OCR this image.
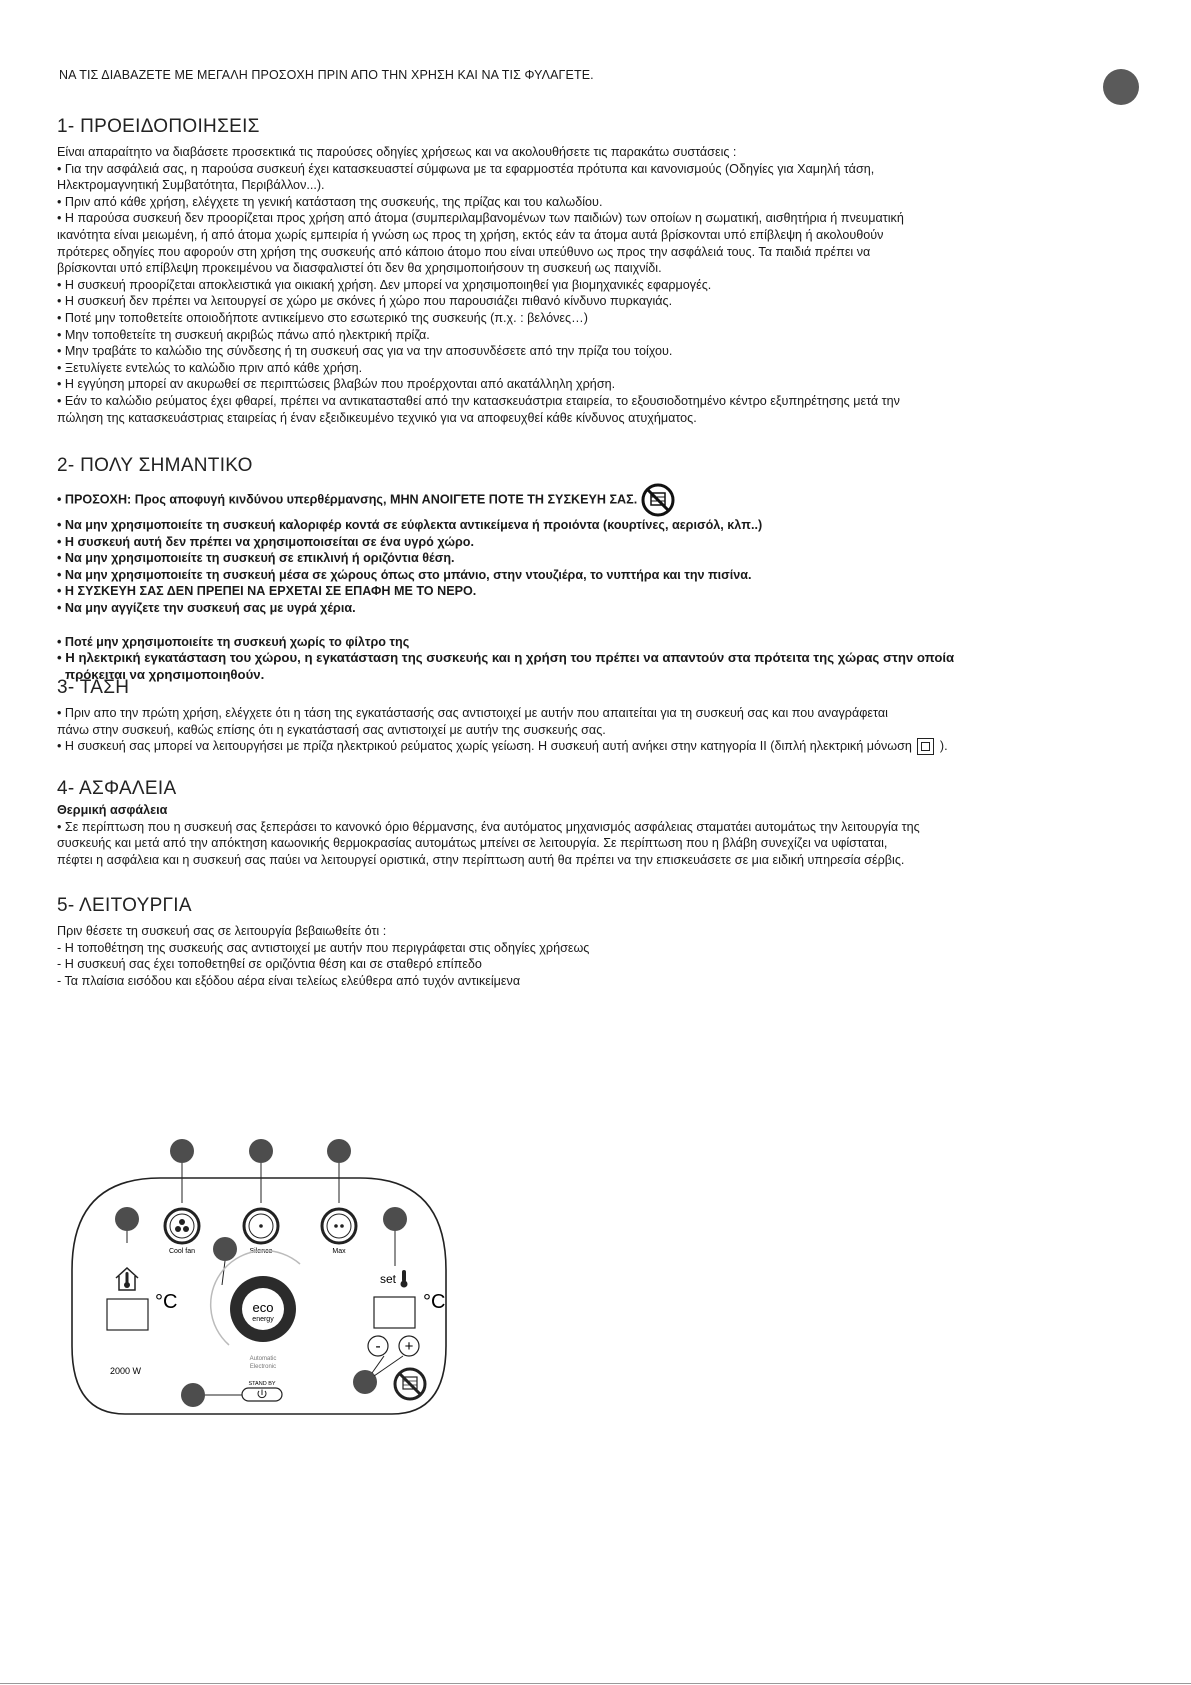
ΝΑ ΤΙΣ ΔΙΑΒΑΖΕΤΕ ΜΕ ΜΕΓΑΛΗ ΠΡΟΣΟΧΗ ΠΡΙΝ ΑΠΟ ΤΗΝ ΧΡΗΣΗ ΚΑΙ ΝΑ ΤΙΣ ΦΥΛΑΓΕΤΕ.
1- ΠΡΟΕΙΔΟΠΟΙΗΣΕΙΣ

Είναι απαραίτητο να διαβάσετε προσεκτικά τις παρούσες οδηγίες χρήσεως και να ακολουθήσετε τις παρακάτω συστάσεις :

• Για την ασφάλειά σας, η παρούσα συσκευή έχει κατασκευαστεί σύμφωνα με τα εφαρμοστέα πρότυπα και κανονισμούς (Οδηγίες για Χαμηλή τάση,

Ηλεκτρομαγνητική Συμβατότητα, Περιβάλλον...).

• Πριν από κάθε χρήση, ελέγχετε τη γενική κατάσταση της συσκευής, της πρίζας και του καλωδίου.

• Η παρούσα συσκευή δεν προορίζεται προς χρήση από άτομα (συμπεριλαμβανομένων των παιδιών) των οποίων η σωματική, αισθητήρια ή πνευματική

ικανότητα είναι μειωμένη, ή από άτομα χωρίς εμπειρία ή γνώση ως προς τη χρήση, εκτός εάν τα άτομα αυτά βρίσκονται υπό επίβλεψη ή ακολουθούν

πρότερες οδηγίες που αφορούν στη χρήση της συσκευής από κάποιο άτομο που είναι υπεύθυνο ως προς την ασφάλειά τους. Τα παιδιά πρέπει να

βρίσκονται υπό επίβλεψη προκειμένου να διασφαλιστεί ότι δεν θα χρησιμοποιήσουν τη συσκευή ως παιχνίδι.

• Η συσκευή προορίζεται αποκλειστικά για οικιακή χρήση. Δεν μπορεί να χρησιμοποιηθεί για βιομηχανικές εφαρμογές.

• Η συσκευή δεν πρέπει να λειτουργεί σε χώρο με σκόνες ή χώρο που παρουσιάζει πιθανό κίνδυνο πυρκαγιάς.

• Ποτέ μην τοποθετείτε οποιοδήποτε αντικείμενο στο εσωτερικό της συσκευής (π.χ. : βελόνες…)

• Μην τοποθετείτε τη συσκευή ακριβώς πάνω από ηλεκτρική πρίζα.

• Μην τραβάτε το καλώδιο της σύνδεσης ή τη συσκευή σας για να την αποσυνδέσετε από την πρίζα του τοίχου.

• Ξετυλίγετε εντελώς το καλώδιο πριν από κάθε χρήση.

• Η εγγύηση μπορεί αν ακυρωθεί σε περιπτώσεις βλαβών που προέρχονται από ακατάλληλη χρήση.

• Εάν το καλώδιο ρεύματος έχει φθαρεί, πρέπει να αντικατασταθεί από την κατασκευάστρια εταιρεία, το εξουσιοδοτημένο κέντρο εξυπηρέτησης μετά την

πώληση της κατασκευάστριας εταιρείας ή έναν εξειδικευμένο τεχνικό για να αποφευχθεί κάθε κίνδυνος ατυχήματος.

2- ΠΟΛΥ ΣΗΜΑΝΤΙΚΟ

• ΠΡΟΣΟΧΗ: Προς αποφυγή κινδύνου υπερθέρμανσης, ΜΗΝ ΑΝΟΙΓΕΤΕ ΠΟΤΕ ΤΗ ΣΥΣΚΕΥΗ ΣΑΣ.

• Να μην χρησιμοποιείτε τη συσκευή καλοριφέρ κοντά σε εύφλεκτα αντικείμενα ή προιόντα (κουρτίνες, αερισόλ, κλπ..)

• Η συσκευή αυτή δεν πρέπει να χρησιμοποισείται σε ένα υγρό χώρο.

• Να μην χρησιμοποιείτε τη συσκευή σε επικλινή ή οριζόντια θέση.

• Να μην χρησιμοποιείτε τη συσκευή μέσα σε χώρους όπως στο μπάνιο, στην ντουζιέρα, το νυπτήρα και την πισίνα.

• Η ΣΥΣΚΕΥΗ ΣΑΣ ΔΕΝ ΠΡΕΠΕΙ ΝΑ ΕΡΧΕΤΑΙ ΣΕ ΕΠΑΦΗ ΜΕ ΤΟ ΝΕΡΟ.

• Να μην αγγίζετε την συσκευή σας με υγρά χέρια.

• Ποτέ μην χρησιμοποιείτε τη συσκευή χωρίς το φίλτρο της

• Η ηλεκτρική εγκατάσταση του χώρου, η εγκατάσταση της συσκευής και η χρήση του πρέπει να απαντούν στα πρότειτα της χώρας στην οποία

πρόκειται να χρησιμοποιηθούν.

3- ΤΑΣΗ

• Πριν απο την πρώτη χρήση, ελέγχετε ότι η τάση της εγκατάστασής σας αντιστοιχεί με αυτήν που απαιτείται για τη συσκευή σας και που αναγράφεται

πάνω στην συσκευή, καθώς επίσης ότι η εγκατάστασή σας αντιστοιχεί με αυτήν της συσκευής σας.

• Η συσκευή σας μπορεί να λειτουργήσει με πρίζα ηλεκτρικού ρεύματος χωρίς γείωση. Η συσκευή αυτή ανήκει στην κατηγορία ΙΙ (διπλή ηλεκτρική μόνωση ).

4- ΑΣΦΑΛΕΙΑ

Θερμική ασφάλεια

• Σε περίπτωση που η συσκευή σας ξεπεράσει το κανονκό όριο θέρμανσης, ένα αυτόματος μηχανισμός ασφάλειας σταματάει αυτομάτως την λειτουργία της

συσκευής και μετά από την απόκτηση καωονικής θερμοκρασίας αυτομάτως μπείνει σε λειτουργία. Σε περίπτωση που η βλάβη συνεχίζει να υφίσταται,

πέφτει η ασφάλεια και η συσκευή σας παύει να λειτουργεί οριστικά, στην περίπτωση αυτή θα πρέπει να την επισκευάσετε σε μια ειδική υπηρεσία σέρβις.

5- ΛΕΙΤΟΥΡΓΙΑ

Πριν θέσετε τη συσκευή σας σε λειτουργία βεβαιωθείτε ότι :

- Η τοποθέτηση της συσκευής σας αντιστοιχεί με αυτήν που περιγράφεται στις οδηγίες χρήσεως

- Η συσκευή σας έχει τοποθετηθεί σε οριζόντια θέση και σε σταθερό επίπεδο

- Τα πλαίσια εισόδου και εξόδου αέρα είναι τελείως ελεύθερα από τυχόν αντικείμενα

Cool fan	Silence	Max
°C
set
°C
eco
energy
Automatic
Electronic
STAND BY
2000 W
- +
